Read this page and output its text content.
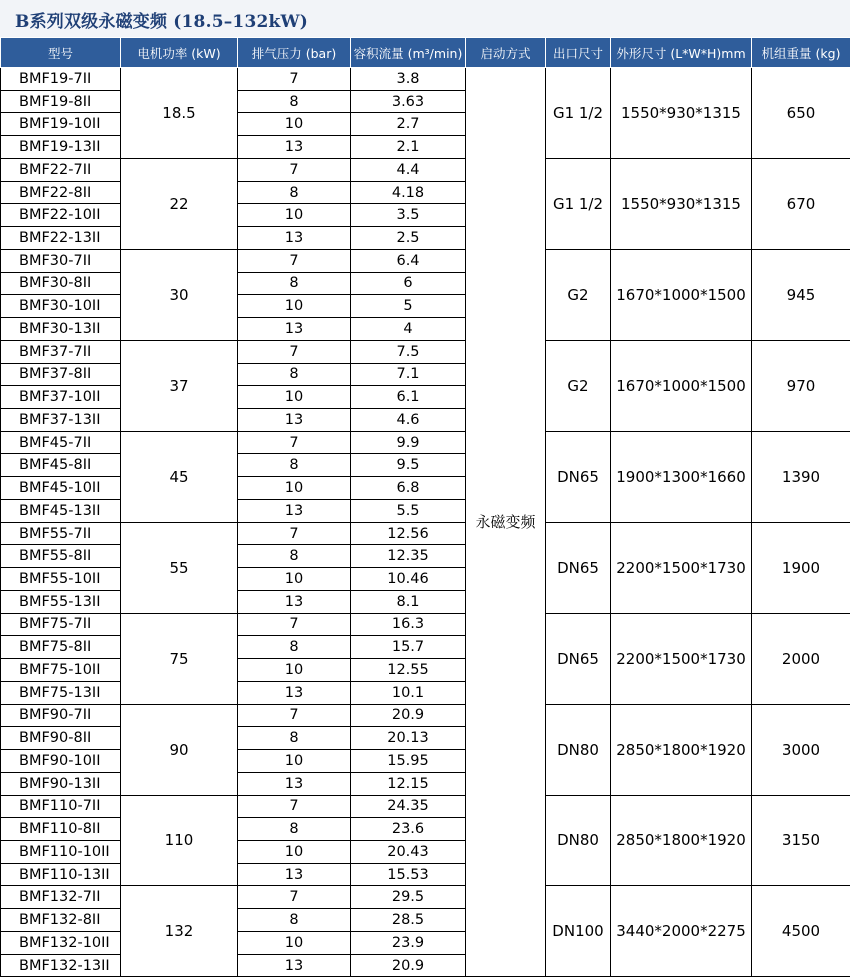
B系列双级永磁变频 (18.5–132kW)
型号	电机功率 (kW)	排气压力 (bar)	容积流量 (m³/min)	启动方式	出口尺寸	外形尺寸 (L*W*H)mm	机组重量 (kg)
BMF19-7II	18.5	7	3.8	永磁变频	G1 1/2	1550*930*1315	650
BMF19-8II		8	3.63				
BMF19-10II		10	2.7				
BMF19-13II		13	2.1				
BMF22-7II	22	7	4.4		G1 1/2	1550*930*1315	670
BMF22-8II		8	4.18				
BMF22-10II		10	3.5				
BMF22-13II		13	2.5				
BMF30-7II	30	7	6.4		G2	1670*1000*1500	945
BMF30-8II		8	6				
BMF30-10II		10	5				
BMF30-13II		13	4				
BMF37-7II	37	7	7.5		G2	1670*1000*1500	970
BMF37-8II		8	7.1				
BMF37-10II		10	6.1				
BMF37-13II		13	4.6				
BMF45-7II	45	7	9.9		DN65	1900*1300*1660	1390
BMF45-8II		8	9.5				
BMF45-10II		10	6.8				
BMF45-13II		13	5.5				
BMF55-7II	55	7	12.56		DN65	2200*1500*1730	1900
BMF55-8II		8	12.35				
BMF55-10II		10	10.46				
BMF55-13II		13	8.1				
BMF75-7II	75	7	16.3		DN65	2200*1500*1730	2000
BMF75-8II		8	15.7				
BMF75-10II		10	12.55				
BMF75-13II		13	10.1				
BMF90-7II	90	7	20.9		DN80	2850*1800*1920	3000
BMF90-8II		8	20.13				
BMF90-10II		10	15.95				
BMF90-13II		13	12.15				
BMF110-7II	110	7	24.35		DN80	2850*1800*1920	3150
BMF110-8II		8	23.6				
BMF110-10II		10	20.43				
BMF110-13II		13	15.53				
BMF132-7II	132	7	29.5		DN100	3440*2000*2275	4500
BMF132-8II		8	28.5				
BMF132-10II		10	23.9				
BMF132-13II		13	20.9				
